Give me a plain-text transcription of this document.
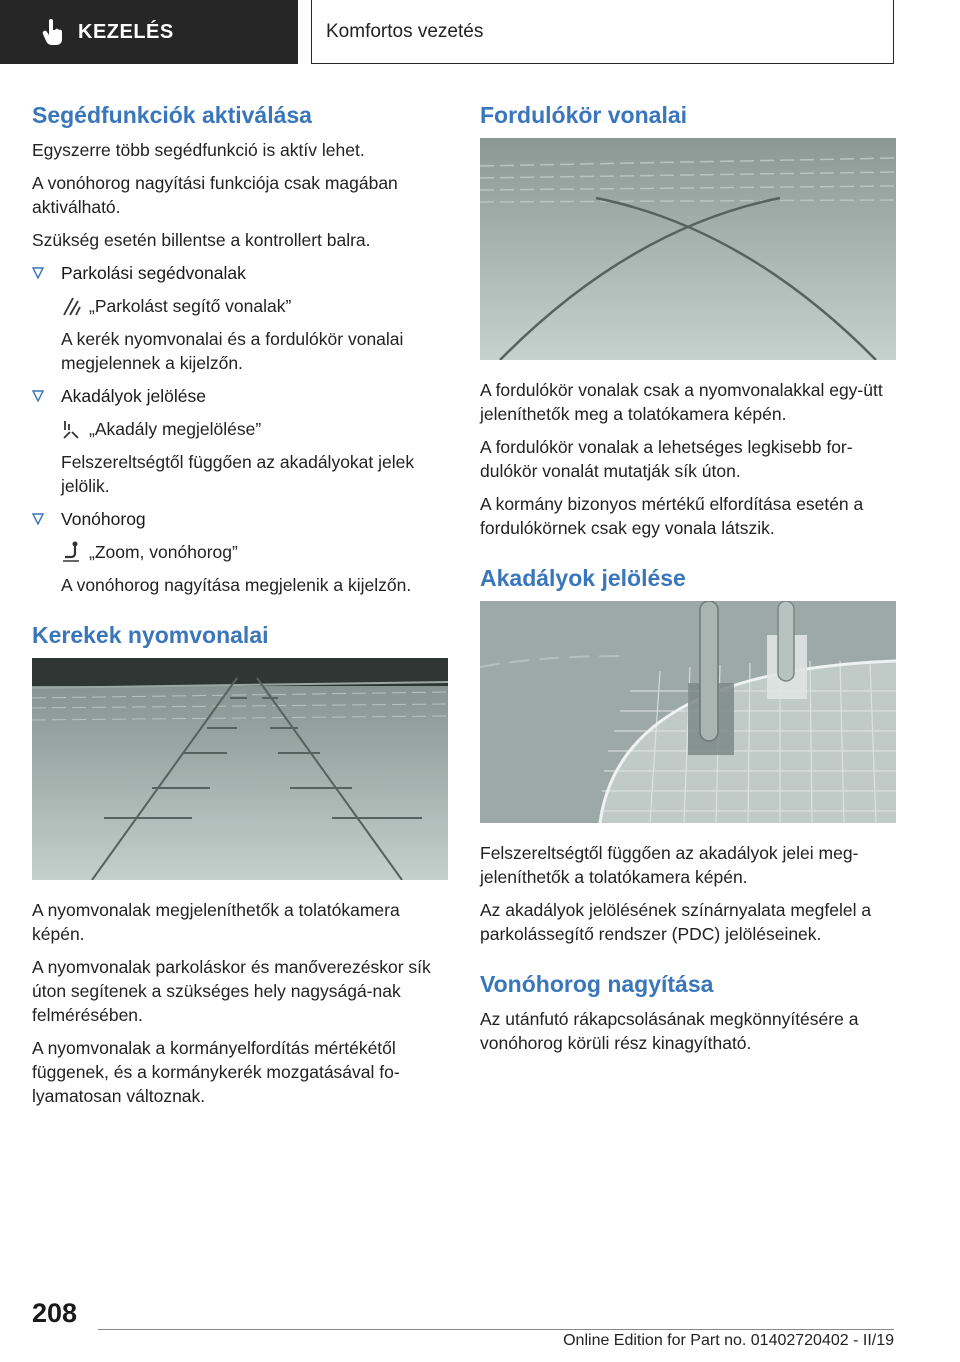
KEZELÉS	Komfortos vezetés
Segédfunkciók aktiválása

Egyszerre több segédfunkció is aktív lehet.

A vonóhorog nagyítási funkciója csak magában aktiválható.

Szükség esetén billentse a kontrollert balra.

Parkolási segédvonalak

„Parkolást segítő vonalak”

A kerék nyomvonalai és a fordulókör vonalai megjelennek a kijelzőn.

Akadályok jelölése

„Akadály megjelölése”

Felszereltségtől függően az akadályokat jelek jelölik.

Vonóhorog

„Zoom, vonóhorog”

A vonóhorog nagyítása megjelenik a kijelzőn.

Kerekek nyomvonalai

A nyomvonalak megjeleníthetők a tolatókamera képén.

A nyomvonalak parkoláskor és manőverezéskor sík úton segítenek a szükséges hely nagyságá-nak felmérésében.

A nyomvonalak a kormányelfordítás mértékétől függenek, és a kormánykerék mozgatásával fo-lyamatosan változnak.

Fordulókör vonalai

A fordulókör vonalak csak a nyomvonalakkal egy-ütt jeleníthetők meg a tolatókamera képén.

A fordulókör vonalak a lehetséges legkisebb for-dulókör vonalát mutatják sík úton.

A kormány bizonyos mértékű elfordítása esetén a fordulókörnek csak egy vonala látszik.

Akadályok jelölése

Felszereltségtől függően az akadályok jelei meg-jeleníthetők a tolatókamera képén.

Az akadályok jelölésének színárnyalata megfelel a parkolássegítő rendszer (PDC) jelöléseinek.

Vonóhorog nagyítása

Az utánfutó rákapcsolásának megkönnyítésére a vonóhorog körüli rész kinagyítható.

208
Online Edition for Part no. 01402720402 - II/19
